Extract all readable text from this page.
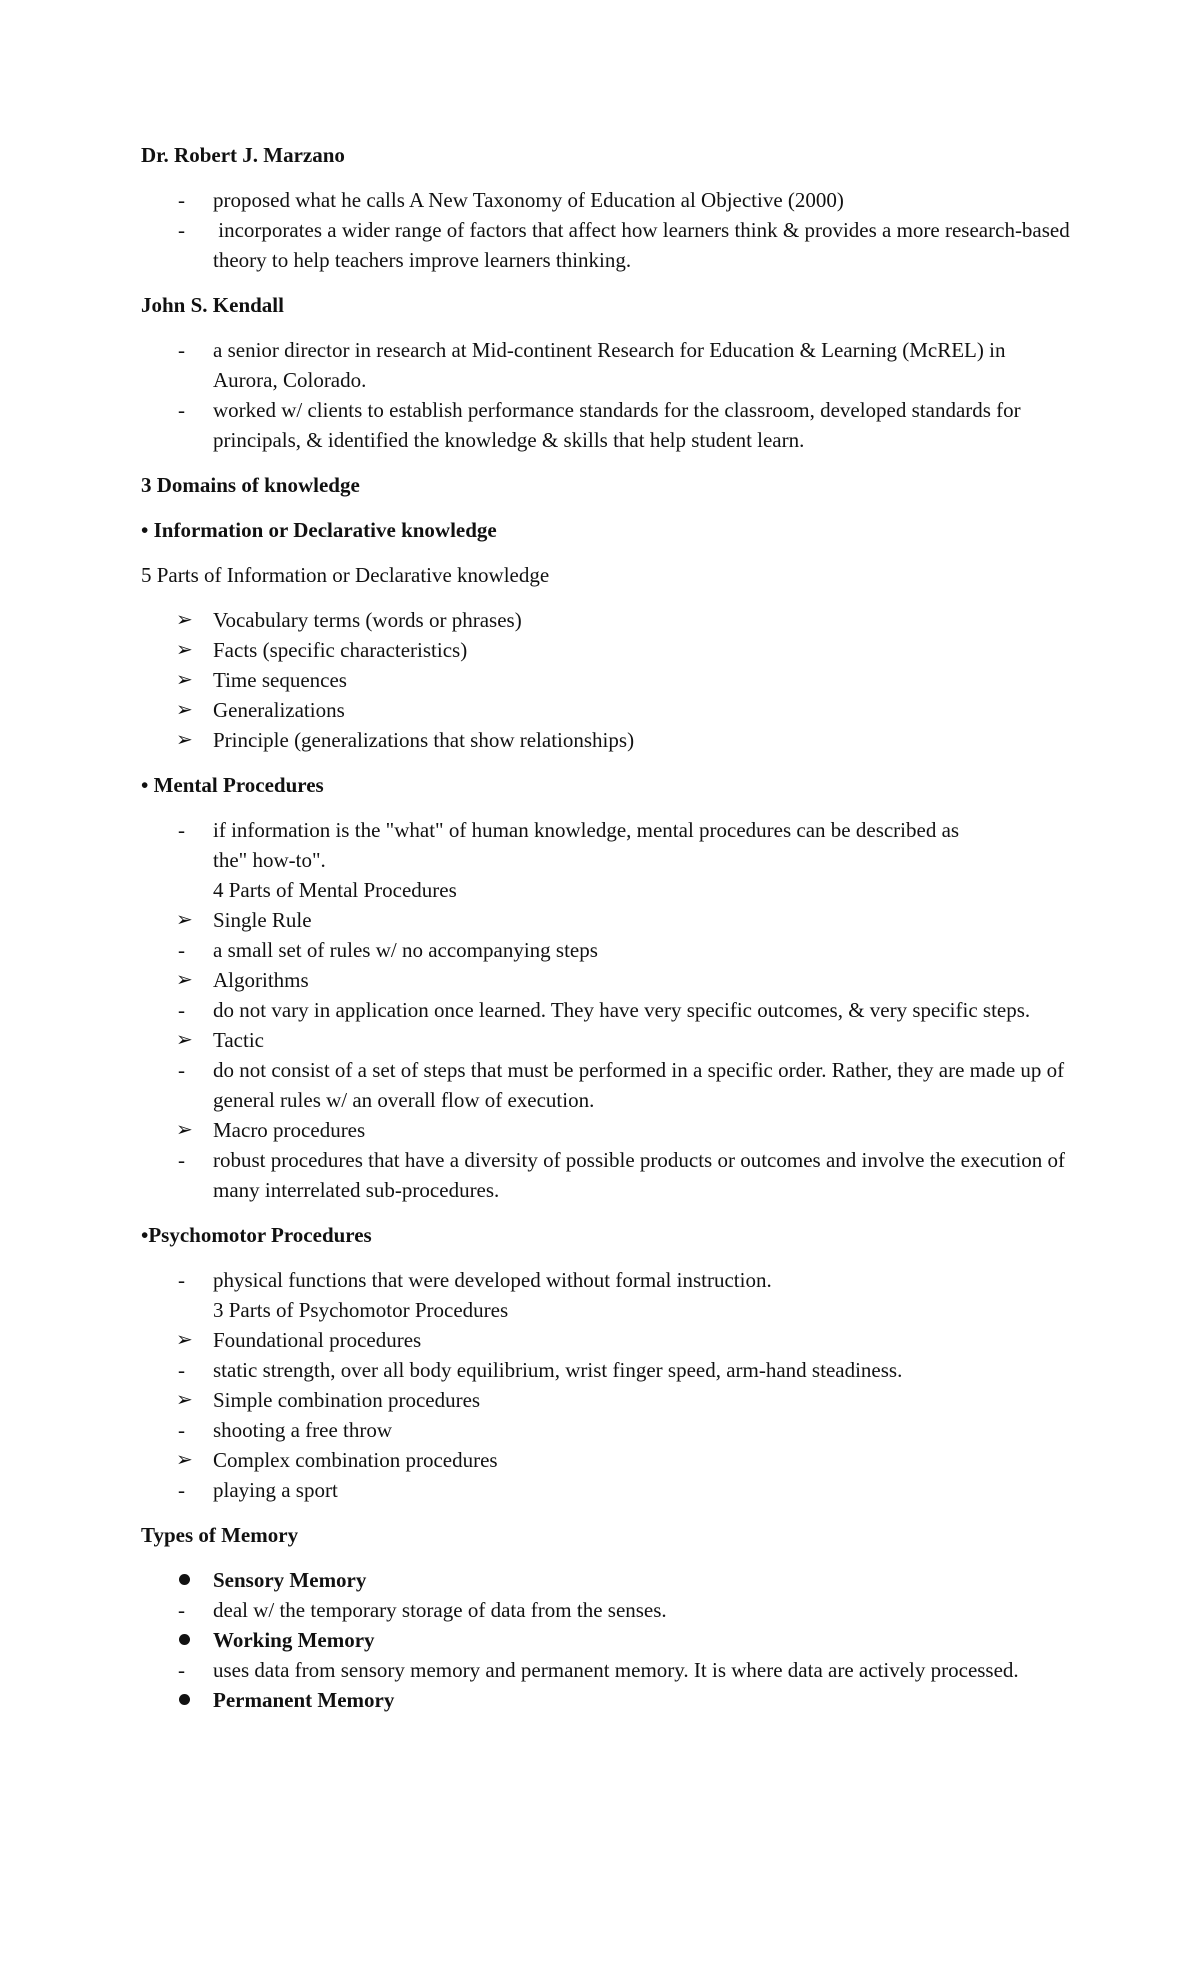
Dr. Robert J. Marzano
-	proposed what he calls A New Taxonomy of Education al Objective (2000)
-	incorporates a wider range of factors that affect how learners think & provides a more research-based theory to help teachers improve learners thinking.
John S. Kendall
-	a senior director in research at Mid-continent Research for Education & Learning (McREL) in Aurora, Colorado.
-	worked w/ clients to establish performance standards for the classroom, developed standards for principals, & identified the knowledge & skills that help student learn.
3 Domains of knowledge
• Information or Declarative knowledge
5 Parts of Information or Declarative knowledge
➢ Vocabulary terms (words or phrases)
➢ Facts (specific characteristics)
➢ Time sequences
➢ Generalizations
➢ Principle (generalizations that show relationships)
• Mental Procedures
-	if information is the "what" of human knowledge, mental procedures can be described as
the" how-to".
4 Parts of Mental Procedures
➢ Single Rule
-	a small set of rules w/ no accompanying steps
➢ Algorithms
-	do not vary in application once learned. They have very specific outcomes, & very specific steps.
➢ Tactic
-	do not consist of a set of steps that must be performed in a specific order. Rather, they are made up of general rules w/ an overall flow of execution.
➢ Macro procedures
-	robust procedures that have a diversity of possible products or outcomes and involve the execution of many interrelated sub-procedures.
•Psychomotor Procedures
-	physical functions that were developed without formal instruction.
3 Parts of Psychomotor Procedures
➢ Foundational procedures
-	static strength, over all body equilibrium, wrist finger speed, arm-hand steadiness.
➢ Simple combination procedures
-	shooting a free throw
➢ Complex combination procedures
-	playing a sport
Types of Memory
Sensory Memory
-	deal w/ the temporary storage of data from the senses.
Working Memory
-	uses data from sensory memory and permanent memory. It is where data are actively processed.
Permanent Memory
